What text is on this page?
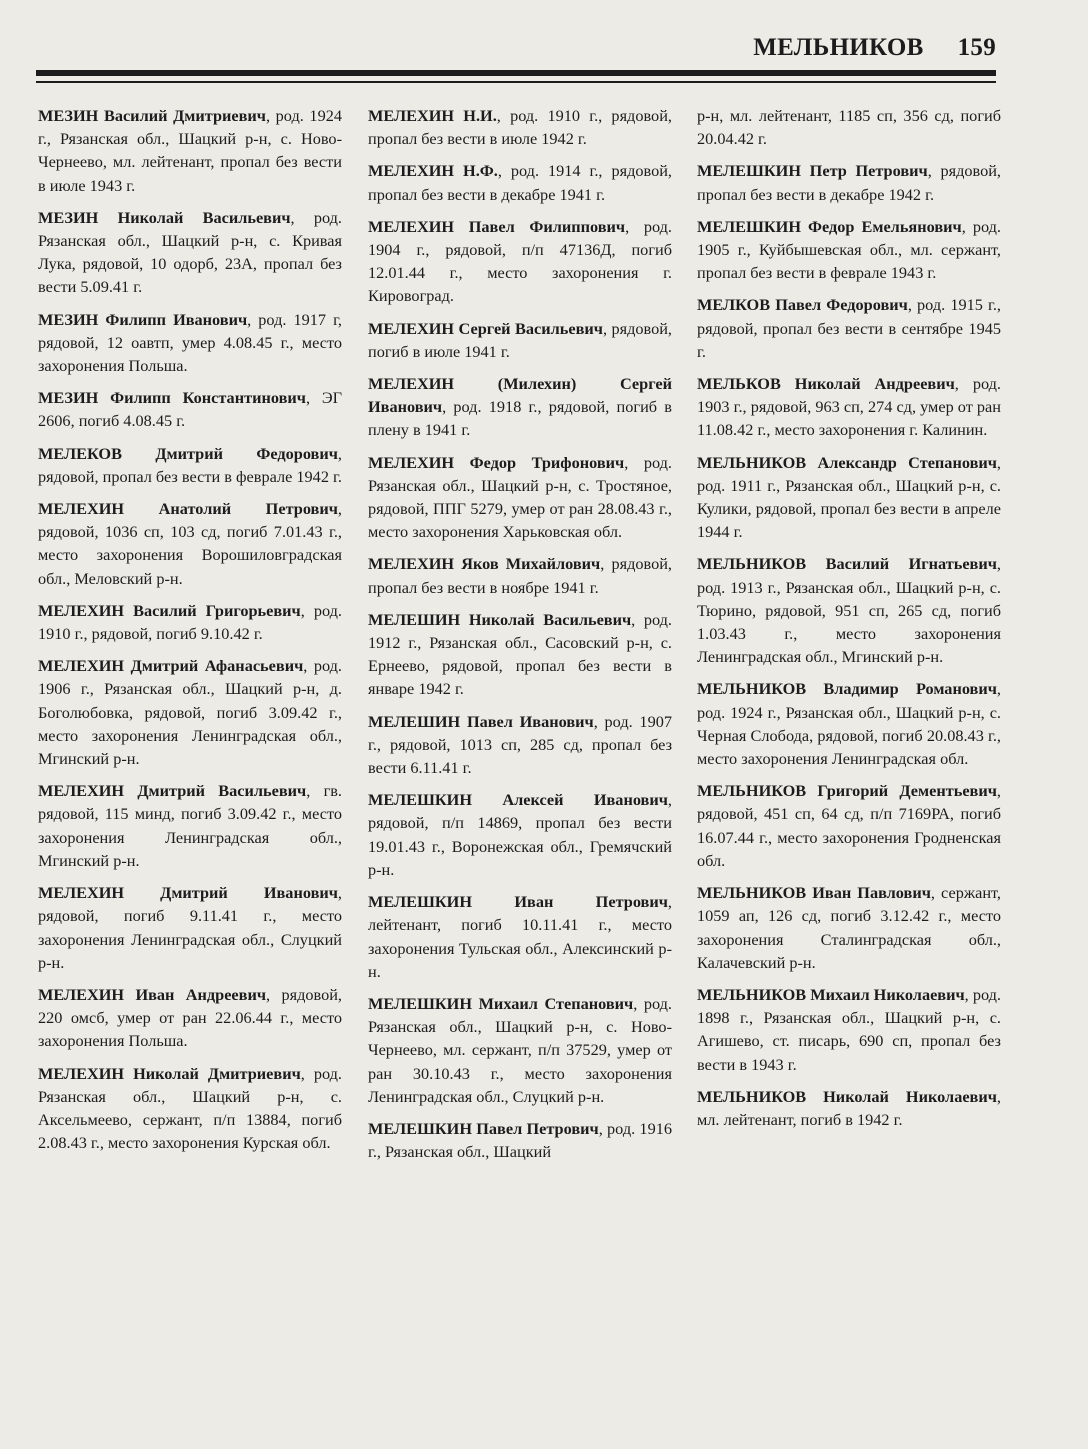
МЕЛЬНИКОВ 159

МЕЗИН Василий Дмитриевич, род. 1924 г., Рязанская обл., Шацкий р-н, с. Ново-Чернеево, мл. лейтенант, пропал без вести в июле 1943 г.

МЕЗИН Николай Васильевич, род. Рязанская обл., Шацкий р-н, с. Кривая Лука, рядовой, 10 одорб, 23А, пропал без вести 5.09.41 г.

МЕЗИН Филипп Иванович, род. 1917 г, рядовой, 12 оавтп, умер 4.08.45 г., место захоронения Польша.

МЕЗИН Филипп Константинович, ЭГ 2606, погиб 4.08.45 г.

МЕЛЕКОВ Дмитрий Федорович, рядовой, пропал без вести в феврале 1942 г.

МЕЛЕХИН Анатолий Петрович, рядовой, 1036 сп, 103 сд, погиб 7.01.43 г., место захоронения Ворошиловградская обл., Меловский р-н.

МЕЛЕХИН Василий Григорьевич, род. 1910 г., рядовой, погиб 9.10.42 г.

МЕЛЕХИН Дмитрий Афанасьевич, род. 1906 г., Рязанская обл., Шацкий р-н, д. Боголюбовка, рядовой, погиб 3.09.42 г., место захоронения Ленинградская обл., Мгинский р-н.

МЕЛЕХИН Дмитрий Васильевич, гв. рядовой, 115 минд, погиб 3.09.42 г., место захоронения Ленинградская обл., Мгинский р-н.

МЕЛЕХИН Дмитрий Иванович, рядовой, погиб 9.11.41 г., место захоронения Ленинградская обл., Слуцкий р-н.

МЕЛЕХИН Иван Андреевич, рядовой, 220 омсб, умер от ран 22.06.44 г., место захоронения Польша.

МЕЛЕХИН Николай Дмитриевич, род. Рязанская обл., Шацкий р-н, с. Аксельмеево, сержант, п/п 13884, погиб 2.08.43 г., место захоронения Курская обл.

МЕЛЕХИН Н.И., род. 1910 г., рядовой, пропал без вести в июле 1942 г.

МЕЛЕХИН Н.Ф., род. 1914 г., рядовой, пропал без вести в декабре 1941 г.

МЕЛЕХИН Павел Филиппович, род. 1904 г., рядовой, п/п 47136Д, погиб 12.01.44 г., место захоронения г. Кировоград.

МЕЛЕХИН Сергей Васильевич, рядовой, погиб в июле 1941 г.

МЕЛЕХИН (Милехин) Сергей Иванович, род. 1918 г., рядовой, погиб в плену в 1941 г.

МЕЛЕХИН Федор Трифонович, род. Рязанская обл., Шацкий р-н, с. Тростяное, рядовой, ППГ 5279, умер от ран 28.08.43 г., место захоронения Харьковская обл.

МЕЛЕХИН Яков Михайлович, рядовой, пропал без вести в ноябре 1941 г.

МЕЛЕШИН Николай Васильевич, род. 1912 г., Рязанская обл., Сасовский р-н, с. Ернеево, рядовой, пропал без вести в январе 1942 г.

МЕЛЕШИН Павел Иванович, род. 1907 г., рядовой, 1013 сп, 285 сд, пропал без вести 6.11.41 г.

МЕЛЕШКИН Алексей Иванович, рядовой, п/п 14869, пропал без вести 19.01.43 г., Воронежская обл., Гремячский р-н.

МЕЛЕШКИН Иван Петрович, лейтенант, погиб 10.11.41 г., место захоронения Тульская обл., Алексинский р-н.

МЕЛЕШКИН Михаил Степанович, род. Рязанская обл., Шацкий р-н, с. Ново-Чернеево, мл. сержант, п/п 37529, умер от ран 30.10.43 г., место захоронения Ленинградская обл., Слуцкий р-н.

МЕЛЕШКИН Павел Петрович, род. 1916 г., Рязанская обл., Шацкий

р-н, мл. лейтенант, 1185 сп, 356 сд, погиб 20.04.42 г.

МЕЛЕШКИН Петр Петрович, рядовой, пропал без вести в декабре 1942 г.

МЕЛЕШКИН Федор Емельянович, род. 1905 г., Куйбышевская обл., мл. сержант, пропал без вести в феврале 1943 г.

МЕЛКОВ Павел Федорович, род. 1915 г., рядовой, пропал без вести в сентябре 1945 г.

МЕЛЬКОВ Николай Андреевич, род. 1903 г., рядовой, 963 сп, 274 сд, умер от ран 11.08.42 г., место захоронения г. Калинин.

МЕЛЬНИКОВ Александр Степанович, род. 1911 г., Рязанская обл., Шацкий р-н, с. Кулики, рядовой, пропал без вести в апреле 1944 г.

МЕЛЬНИКОВ Василий Игнатьевич, род. 1913 г., Рязанская обл., Шацкий р-н, с. Тюрино, рядовой, 951 сп, 265 сд, погиб 1.03.43 г., место захоронения Ленинградская обл., Мгинский р-н.

МЕЛЬНИКОВ Владимир Романович, род. 1924 г., Рязанская обл., Шацкий р-н, с. Черная Слобода, рядовой, погиб 20.08.43 г., место захоронения Ленинградская обл.

МЕЛЬНИКОВ Григорий Дементьевич, рядовой, 451 сп, 64 сд, п/п 7169РА, погиб 16.07.44 г., место захоронения Гродненская обл.

МЕЛЬНИКОВ Иван Павлович, сержант, 1059 ап, 126 сд, погиб 3.12.42 г., место захоронения Сталинградская обл., Калачевский р-н.

МЕЛЬНИКОВ Михаил Николаевич, род. 1898 г., Рязанская обл., Шацкий р-н, с. Агишево, ст. писарь, 690 сп, пропал без вести в 1943 г.

МЕЛЬНИКОВ Николай Николаевич, мл. лейтенант, погиб в 1942 г.
